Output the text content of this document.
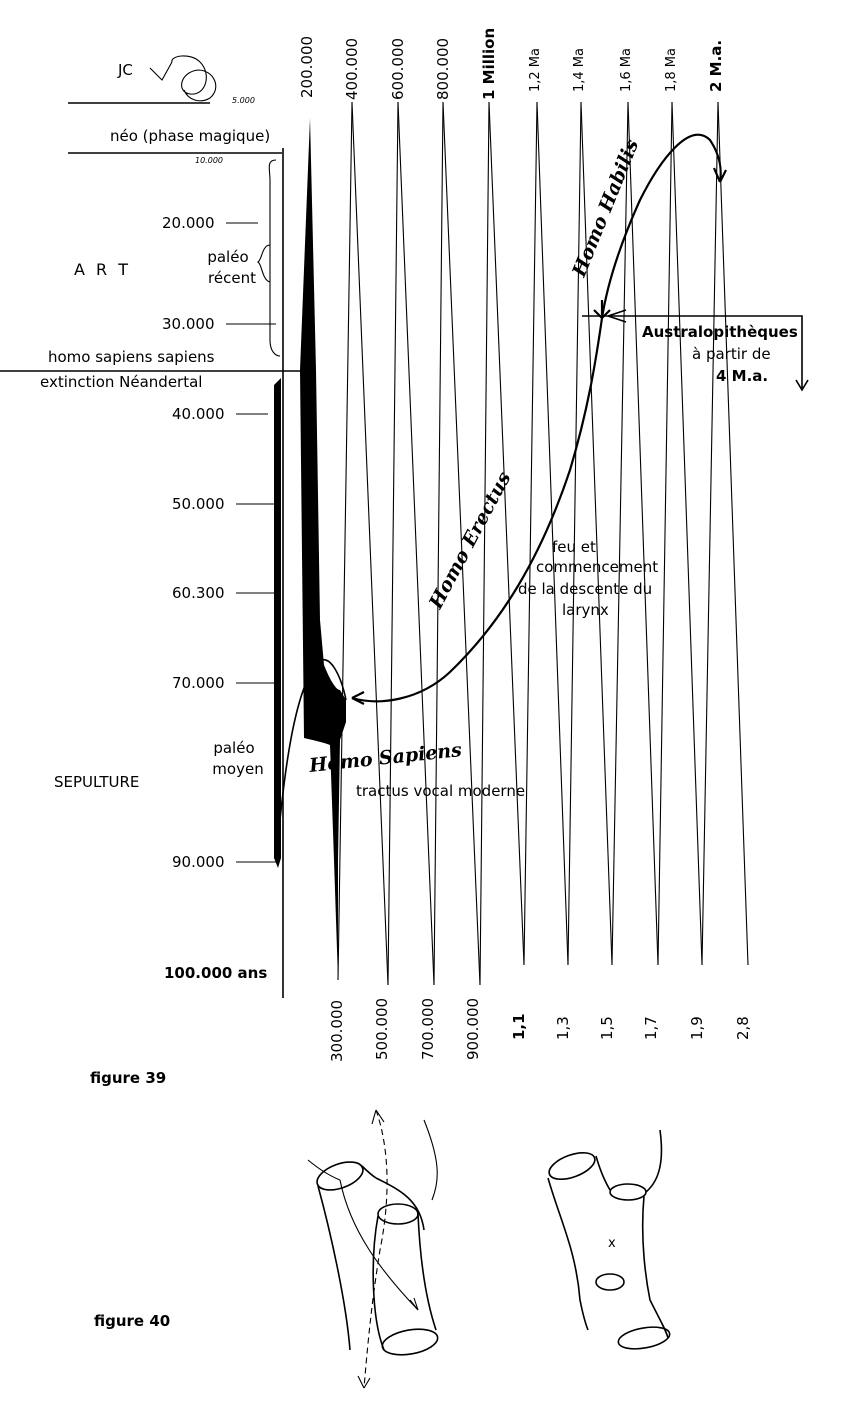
JC
5.000
néo (phase magique)
10.000
A R T
paléo
récent
homo sapiens sapiens
extinction Néandertal
20.000
30.000
40.000
50.000
60.300
70.000
90.000
100.000 ans
paléo
moyen
SEPULTURE
200.000 400.000 600.000 800.000 1 Million 1,2 Ma 1,4 Ma 1,6 Ma 1,8 Ma 2 M.a.
300.000 500.000 700.000 900.000 1,1 1,3 1,5 1,7 1,9 2,8
Homo Sapiens
tractus vocal moderne
Homo Erectus
Homo Habilis
feu et
commencement
de la descente du
larynx
Australopithèques
à partir de
4 M.a.
figure 39
figure 40
x
